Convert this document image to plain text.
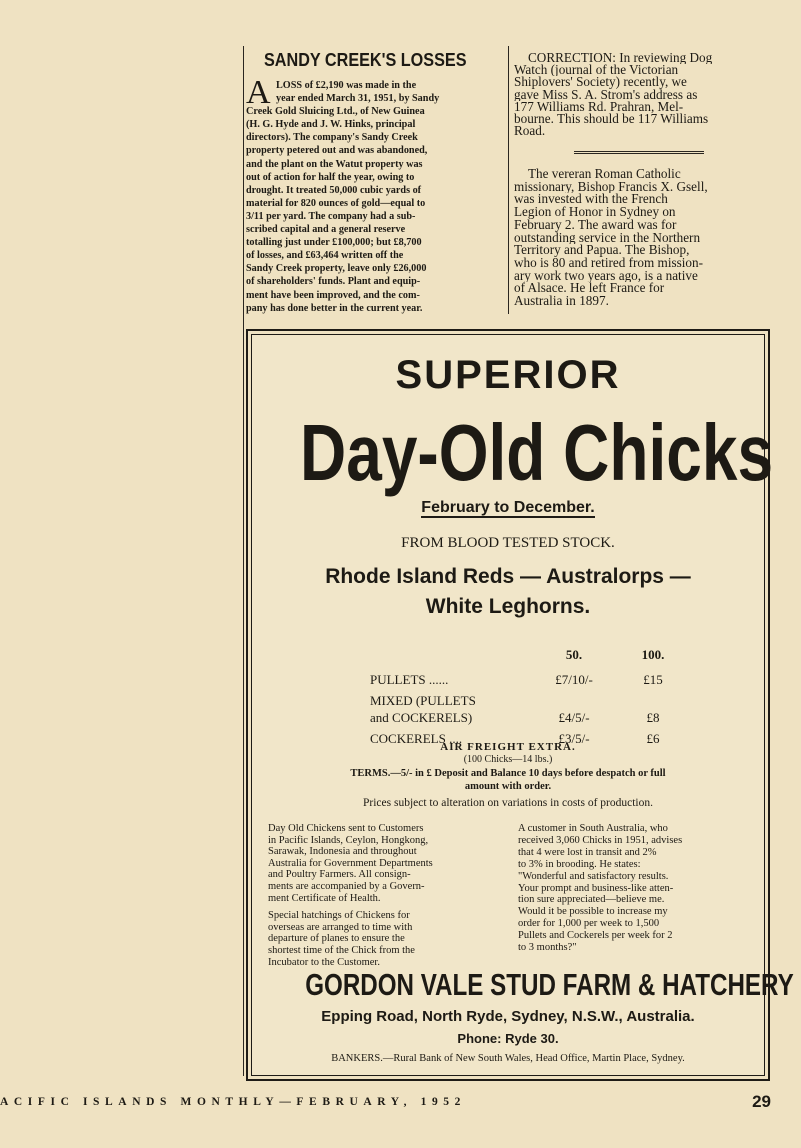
SANDY CREEK'S LOSSES

A LOSS of £2,190 was made in the

year ended March 31, 1951, by Sandy

Creek Gold Sluicing Ltd., of New Guinea

(H. G. Hyde and J. W. Hinks, principal

directors). The company's Sandy Creek

property petered out and was abandoned,

and the plant on the Watut property was

out of action for half the year, owing to

drought. It treated 50,000 cubic yards of

material for 820 ounces of gold—equal to

3/11 per yard. The company had a sub-

scribed capital and a general reserve

totalling just under £100,000; but £8,700

of losses, and £63,464 written off the

Sandy Creek property, leave only £26,000

of shareholders' funds. Plant and equip-

ment have been improved, and the com-

pany has done better in the current year.

CORRECTION: In reviewing Dog

Watch (journal of the Victorian

Shiplovers' Society) recently, we

gave Miss S. A. Strom's address as

177 Williams Rd. Prahran, Mel-

bourne. This should be 117 Williams

Road.

The vereran Roman Catholic

missionary, Bishop Francis X. Gsell,

was invested with the French

Legion of Honor in Sydney on

February 2. The award was for

outstanding service in the Northern

Territory and Papua. The Bishop,

who is 80 and retired from mission-

ary work two years ago, is a native

of Alsace. He left France for

Australia in 1897.

SUPERIOR

Day-Old Chicks

February to December.

FROM BLOOD TESTED STOCK.

Rhode Island Reds — Australorps —

White Leghorns.

	50.	100.

PULLETS ......	£7/10/-	£15

MIXED (PULLETS		
and COCKERELS)	£4/5/-	£8

COCKERELS ....	£3/5/-	£6

AIR FREIGHT EXTRA.

(100 Chicks—14 lbs.)

TERMS.—5/- in £ Deposit and Balance 10 days before despatch or full

amount with order.

Prices subject to alteration on variations in costs of production.

Day Old Chickens sent to Customers

in Pacific Islands, Ceylon, Hongkong,

Sarawak, Indonesia and throughout

Australia for Government Departments

and Poultry Farmers. All consign-

ments are accompanied by a Govern-

ment Certificate of Health.

Special hatchings of Chickens for

overseas are arranged to time with

departure of planes to ensure the

shortest time of the Chick from the

Incubator to the Customer.

A customer in South Australia, who

received 3,060 Chicks in 1951, advises

that 4 were lost in transit and 2%

to 3% in brooding. He states:

"Wonderful and satisfactory results.

Your prompt and business-like atten-

tion sure appreciated—believe me.

Would it be possible to increase my

order for 1,000 per week to 1,500

Pullets and Cockerels per week for 2

to 3 months?"

GORDON VALE STUD FARM & HATCHERY

Epping Road, North Ryde, Sydney, N.S.W., Australia.

Phone: Ryde 30.

BANKERS.—Rural Bank of New South Wales, Head Office, Martin Place, Sydney.

ACIFIC ISLANDS MONTHLY—FEBRUARY, 1952	29
